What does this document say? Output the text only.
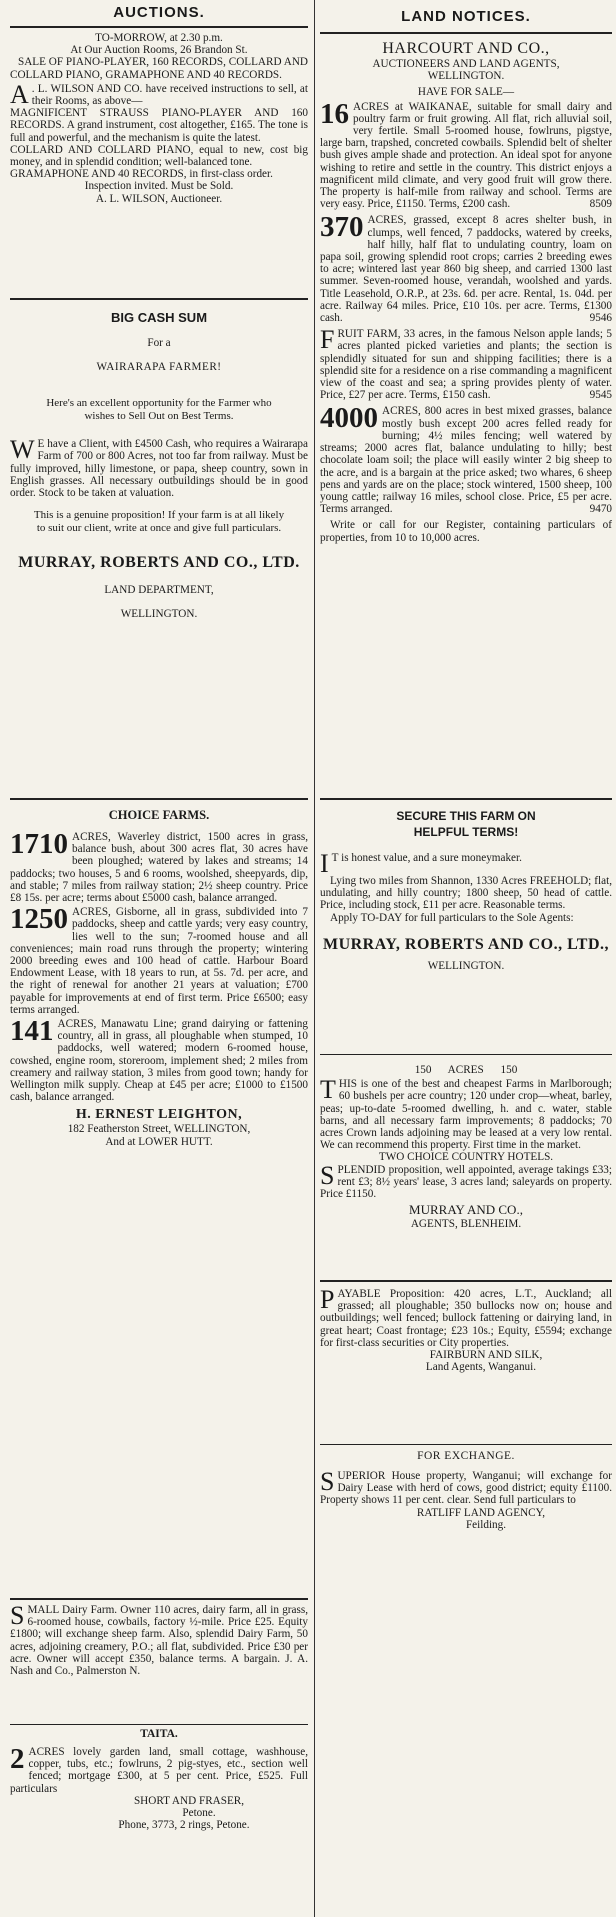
AUCTIONS.

TO-MORROW, at 2.30 p.m.

At Our Auction Rooms, 26 Brandon St.

SALE OF PIANO-PLAYER, 160 RECORDS, COLLARD AND COLLARD PIANO, GRAMAPHONE AND 40 RECORDS.

A . L. WILSON AND CO. have received instructions to sell, at their Rooms, as above—

MAGNIFICENT STRAUSS PIANO-PLAYER AND 160 RECORDS. A grand instrument, cost altogether, £165. The tone is full and powerful, and the mechanism is quite the latest.

COLLARD AND COLLARD PIANO, equal to new, cost big money, and in splendid condition; well-balanced tone.

GRAMAPHONE AND 40 RECORDS, in first-class order.

Inspection invited. Must be Sold.

A. L. WILSON, Auctioneer.

BIG CASH SUM

For a

WAIRARAPA FARMER!

Here's an excellent opportunity for the Farmer who wishes to Sell Out on Best Terms.

W E have a Client, with £4500 Cash, who requires a Wairarapa Farm of 700 or 800 Acres, not too far from railway. Must be fully improved, hilly limestone, or papa, sheep country, sown in English grasses. All necessary outbuildings should be in good order. Stock to be taken at valuation.

This is a genuine proposition! If your farm is at all likely to suit our client, write at once and give full particulars.

MURRAY, ROBERTS AND CO., LTD.

LAND DEPARTMENT,

WELLINGTON.

CHOICE FARMS.

1710 ACRES, Waverley district, 1500 acres in grass, balance bush, about 300 acres flat, 30 acres have been ploughed; watered by lakes and streams; 14 paddocks; two houses, 5 and 6 rooms, woolshed, sheepyards, dip, and stable; 7 miles from railway station; 2½ sheep country. Price £8 15s. per acre; terms about £5000 cash, balance arranged.

1250 ACRES, Gisborne, all in grass, subdivided into 7 paddocks, sheep and cattle yards; very easy country, lies well to the sun; 7-roomed house and all conveniences; main road runs through the property; wintering 2000 breeding ewes and 100 head of cattle. Harbour Board Endowment Lease, with 18 years to run, at 5s. 7d. per acre, and the right of renewal for another 21 years at valuation; £700 payable for improvements at end of first term. Price £6500; easy terms arranged.

141 ACRES, Manawatu Line; grand dairying or fattening country, all in grass, all ploughable when stumped, 10 paddocks, well watered; modern 6-roomed house, cowshed, engine room, storeroom, implement shed; 2 miles from creamery and railway station, 3 miles from good town; handy for Wellington milk supply. Cheap at £45 per acre; £1000 to £1500 cash, balance arranged.

H. ERNEST LEIGHTON,

182 Featherston Street, WELLINGTON,

And at LOWER HUTT.

SMALL Dairy Farm. Owner 110 acres, dairy farm, all in grass, 6-roomed house, cowbails, factory ½-mile. Price £25. Equity £1800; will exchange sheep farm. Also, splendid Dairy Farm, 50 acres, adjoining creamery, P.O.; all flat, subdivided. Price £30 per acre. Owner will accept £350, balance terms. A bargain. J. A. Nash and Co., Palmerston N.

TAITA.

2 ACRES lovely garden land, small cottage, washhouse, copper, tubs, etc.; fowlruns, 2 pig-styes, etc., section well fenced; mortgage £300, at 5 per cent. Price, £525. Full particulars

SHORT AND FRASER,

Petone.

Phone, 3773, 2 rings, Petone.

LAND NOTICES.

HARCOURT AND CO.,

AUCTIONEERS AND LAND AGENTS, WELLINGTON.

HAVE FOR SALE—

16 ACRES at WAIKANAE, suitable for small dairy and poultry farm or fruit growing. All flat, rich alluvial soil, very fertile. Small 5-roomed house, fowlruns, pigstye, large barn, trapshed, concreted cowbails. Splendid belt of shelter bush gives ample shade and protection. An ideal spot for anyone wishing to retire and settle in the country. This district enjoys a magnificent mild climate, and very good fruit will grow there. The property is half-mile from railway and school. Terms are very easy. Price, £1150. Terms, £200 cash.	8509

370 ACRES, grassed, except 8 acres shelter bush, in clumps, well fenced, 7 paddocks, watered by creeks, half hilly, half flat to undulating country, loam on papa soil, growing splendid root crops; carries 2 breeding ewes to acre; wintered last year 860 big sheep, and carried 1300 last summer. Seven-roomed house, verandah, woolshed and yards. Title Leasehold, O.R.P., at 23s. 6d. per acre. Rental, 1s. 04d. per acre. Railway 64 miles. Price, £10 10s. per acre. Terms, £1300 cash.	9546

FRUIT FARM, 33 acres, in the famous Nelson apple lands; 5 acres planted picked varieties and plants; the section is splendidly situated for sun and shipping facilities; there is a splendid site for a residence on a rise commanding a magnificent view of the coast and sea; a spring provides plenty of water. Price, £27 per acre. Terms, £150 cash.	9545

4000 ACRES, 800 acres in best mixed grasses, balance mostly bush except 200 acres felled ready for burning; 4½ miles fencing; well watered by streams; 2000 acres flat, balance undulating to hilly; best chocolate loam soil; the place will easily winter 2 big sheep to the acre, and is a bargain at the price asked; two whares, 6 sheep pens and yards are on the place; stock wintered, 1500 sheep, 100 young cattle; railway 16 miles, school close. Price, £5 per acre. Terms arranged.	9470

Write or call for our Register, containing particulars of properties, from 10 to 10,000 acres.

SECURE THIS FARM ON HELPFUL TERMS!

I T is honest value, and a sure moneymaker.

Lying two miles from Shannon, 1330 Acres FREEHOLD; flat, undulating, and hilly country; 1800 sheep, 50 head of cattle. Price, including stock, £11 per acre. Reasonable terms.

Apply TO-DAY for full particulars to the Sole Agents:

MURRAY, ROBERTS AND CO., LTD.,

WELLINGTON.

150 ACRES 150

THIS is one of the best and cheapest Farms in Marlborough; 60 bushels per acre country; 120 under crop—wheat, barley, peas; up-to-date 5-roomed dwelling, h. and c. water, stable barns, and all necessary farm improvements; 8 paddocks; 70 acres Crown lands adjoining may be leased at a very low rental. We can recommend this property. First time in the market.

TWO CHOICE COUNTRY HOTELS.

SPLENDID proposition, well appointed, average takings £33; rent £3; 8½ years' lease, 3 acres land; saleyards on property. Price £1150.

MURRAY AND CO.,

AGENTS, BLENHEIM.

PAYABLE Proposition: 420 acres, L.T., Auckland; all grassed; all ploughable; 350 bullocks now on; house and outbuildings; well fenced; bullock fattening or dairying land, in great heart; Coast frontage; £23 10s.; Equity, £5594; exchange for first-class securities or City properties.

FAIRBURN AND SILK,

Land Agents, Wanganui.

FOR EXCHANGE.

SUPERIOR House property, Wanganui; will exchange for Dairy Lease with herd of cows, good district; equity £1100. Property shows 11 per cent. clear. Send full particulars to

RATLIFF LAND AGENCY,

Feilding.
